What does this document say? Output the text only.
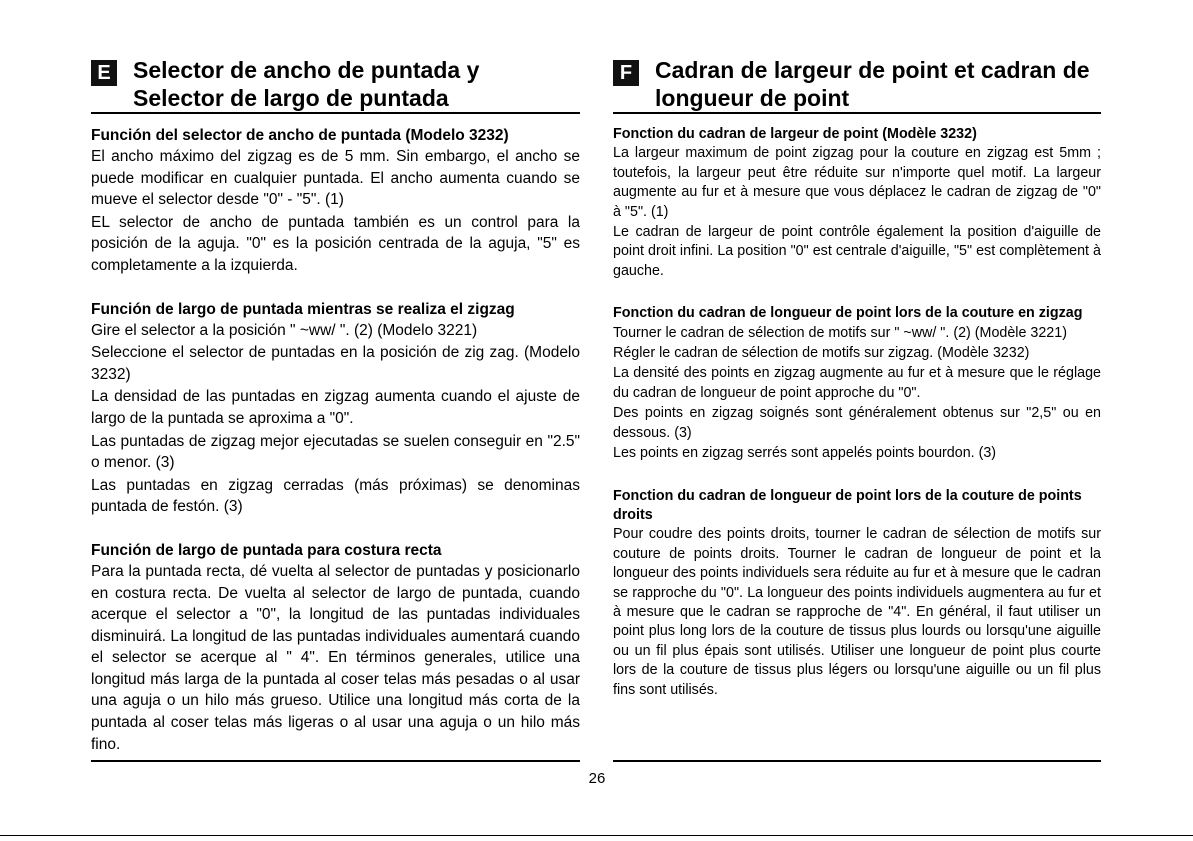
E Selector de ancho de puntada y

Selector de largo de puntada

Función del selector de ancho de puntada (Modelo 3232)

El ancho máximo del zigzag es de 5 mm. Sin embargo, el ancho se puede modificar en cualquier puntada. El ancho aumenta cuando se mueve el selector desde "0" - "5". (1)

EL selector de ancho de puntada también es un control para la posición de la aguja. "0" es la posición centrada de la aguja, "5" es completamente a la izquierda.

Función de largo de puntada mientras se realiza el zigzag

Gire el selector a la posición " ~ww/ ". (2) (Modelo 3221)

Seleccione el selector de puntadas en la posición de zig zag. (Modelo 3232)

La densidad de las puntadas en zigzag aumenta cuando el ajuste de largo de la puntada se aproxima a "0".

Las puntadas de zigzag mejor ejecutadas se suelen conseguir en "2.5" o menor. (3)

Las puntadas en zigzag cerradas (más próximas) se denominas puntada de festón. (3)

Función de largo de puntada para costura recta

Para la puntada recta, dé vuelta al selector de puntadas y posicionarlo en costura recta. De vuelta al selector de largo de puntada, cuando acerque el selector a "0", la longitud de las puntadas individuales disminuirá. La longitud de las puntadas individuales aumentará cuando el selector se acerque al " 4". En términos generales, utilice una longitud más larga de la puntada al coser telas más pesadas o al usar una aguja o un hilo más grueso. Utilice una longitud más corta de la puntada al coser telas más ligeras o al usar una aguja o un hilo más fino.

F Cadran de largeur de point et cadran de

longueur de point

Fonction du cadran de largeur de point (Modèle 3232)

La largeur maximum de point zigzag pour la couture en zigzag est 5mm ; toutefois, la largeur peut être réduite sur n'importe quel motif. La largeur augmente au fur et à mesure que vous déplacez le cadran de zigzag de "0" à "5". (1)

Le cadran de largeur de point contrôle également la position d'aiguille de point droit infini. La position "0" est centrale d'aiguille, "5" est complètement à gauche.

Fonction du cadran de longueur de point lors de la couture en zigzag

Tourner le cadran de sélection de motifs sur " ~ww/ ". (2) (Modèle 3221)

Régler le cadran de sélection de motifs sur zigzag. (Modèle 3232)

La densité des points en zigzag augmente au fur et à mesure que le réglage du cadran de longueur de point approche du "0".

Des points en zigzag soignés sont généralement obtenus sur "2,5" ou en dessous. (3)

Les points en zigzag serrés sont appelés points bourdon. (3)

Fonction du cadran de longueur de point lors de la couture de points droits

Pour coudre des points droits, tourner le cadran de sélection de motifs sur couture de points droits. Tourner le cadran de longueur de point et la longueur des points individuels sera réduite au fur et à mesure que le cadran se rapproche du "0". La longueur des points individuels augmentera au fur et à mesure que le cadran se rapproche de "4". En général, il faut utiliser un point plus long lors de la couture de tissus plus lourds ou lorsqu'une aiguille ou un fil plus épais sont utilisés. Utiliser une longueur de point plus courte lors de la couture de tissus plus légers ou lorsqu'une aiguille ou un fil plus fins sont utilisés.

26
